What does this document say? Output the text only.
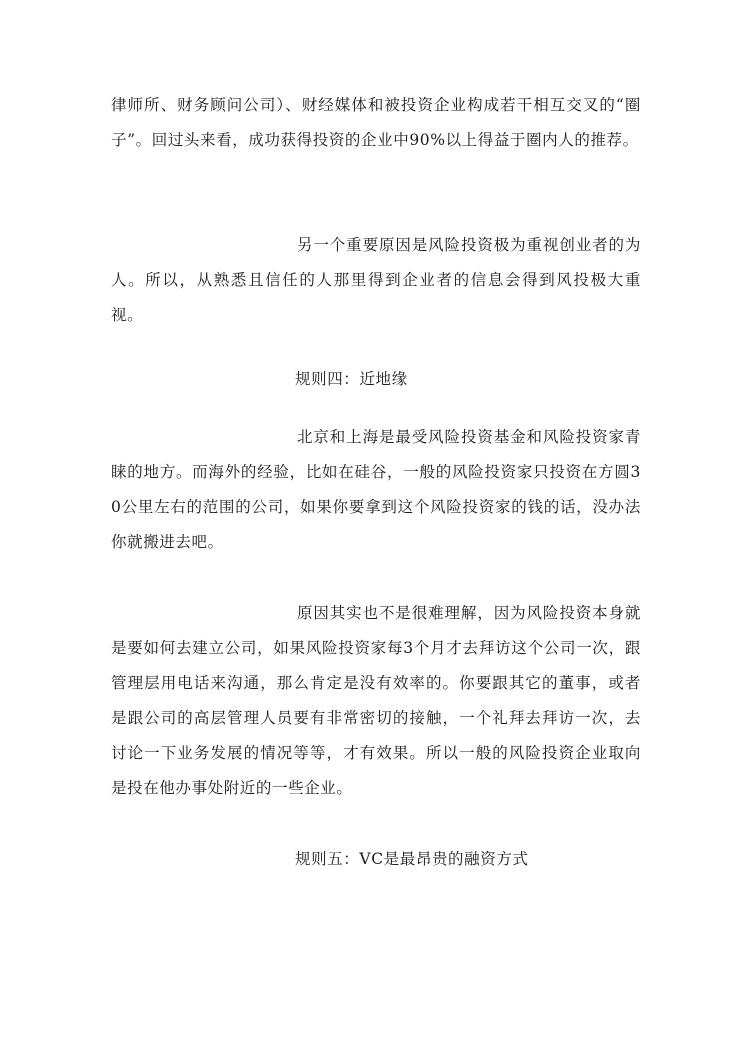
律师所、财务顾问公司）、财经媒体和被投资企业构成若干相互交叉的“圈子”。回过头来看，成功获得投资的企业中90%以上得益于圈内人的推荐。

另一个重要原因是风险投资极为重视创业者的为人。所以，从熟悉且信任的人那里得到企业者的信息会得到风投极大重视。

规则四：近地缘

北京和上海是最受风险投资基金和风险投资家青睐的地方。而海外的经验，比如在硅谷，一般的风险投资家只投资在方圆30公里左右的范围的公司，如果你要拿到这个风险投资家的钱的话，没办法你就搬进去吧。

原因其实也不是很难理解，因为风险投资本身就是要如何去建立公司，如果风险投资家每3个月才去拜访这个公司一次，跟管理层用电话来沟通，那么肯定是没有效率的。你要跟其它的董事，或者是跟公司的高层管理人员要有非常密切的接触，一个礼拜去拜访一次，去讨论一下业务发展的情况等等，才有效果。所以一般的风险投资企业取向是投在他办事处附近的一些企业。

规则五：VC是最昂贵的融资方式
